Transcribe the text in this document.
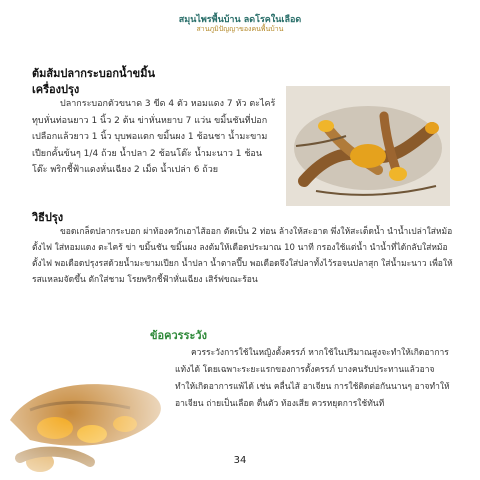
สมุนไพรพื้นบ้าน ลดโรคในเลือด
สานภูมิปัญญาของคนพื้นบ้าน
ต้มส้มปลากระบอกน้ำขมิ้น
เครื่องปรุง
ปลากระบอกตัวขนาด 3 ขีด 4 ตัว หอมแดง 7 หัว ตะไคร้ทุบหั่นท่อนยาว 1 นิ้ว 2 ต้น ข่าหั่นหยาบ 7 แว่น ขมิ้นชันที่ปอกเปลือกแล้วยาว 1 นิ้ว บุบพอแตก ขมิ้นผง 1 ช้อนชา น้ำมะขามเปียกคั้นข้นๆ 1/4 ถ้วย น้ำปลา 2 ช้อนโต๊ะ น้ำมะนาว 1 ช้อนโต๊ะ พริกชี้ฟ้าแดงหั่นเฉียง 2 เม็ด น้ำเปล่า 6 ถ้วย
วิธีปรุง
ขอดเกล็ดปลากระบอก ผ่าท้องควักเอาไส้ออก ตัดเป็น 2 ท่อน ล้างให้สะอาด พึ่งให้สะเด็ดน้ำ นำน้ำเปล่าใส่หม้อตั้งไฟ ใส่หอมแดง ตะไคร้ ข่า ขมิ้นชัน ขมิ้นผง ลงต้มให้เดือดประมาณ 10 นาที กรองใช้แต่น้ำ นำน้ำที่ได้กลับใส่หม้อตั้งไฟ พอเดือดปรุงรสด้วยน้ำมะขามเปียก น้ำปลา น้ำตาลปี๊บ พอเดือดจึงใส่ปลาทั้งไว้รอจนปลาสุก ใส่น้ำมะนาว เพื่อให้รสแหลมจัดขึ้น ตักใส่ชาม โรยพริกชี้ฟ้าหั่นเฉียง เสิร์ฟขณะร้อน
ข้อควรระวัง
ควรระวังการใช้ในหญิงตั้งครรภ์ หากใช้ในปริมาณสูงจะทำให้เกิดอาการแท้งได้ โดยเฉพาะระยะแรกของการตั้งครรภ์ บางคนรับประทานแล้วอาจทำให้เกิดอาการแพ้ได้ เช่น คลื่นไส้ อาเจียน การใช้ติดต่อกันนานๆ อาจทำให้อาเจียน ถ่ายเป็นเลือด ตื่นตัว ท้องเสีย ควรหยุดการใช้ทันที
34
